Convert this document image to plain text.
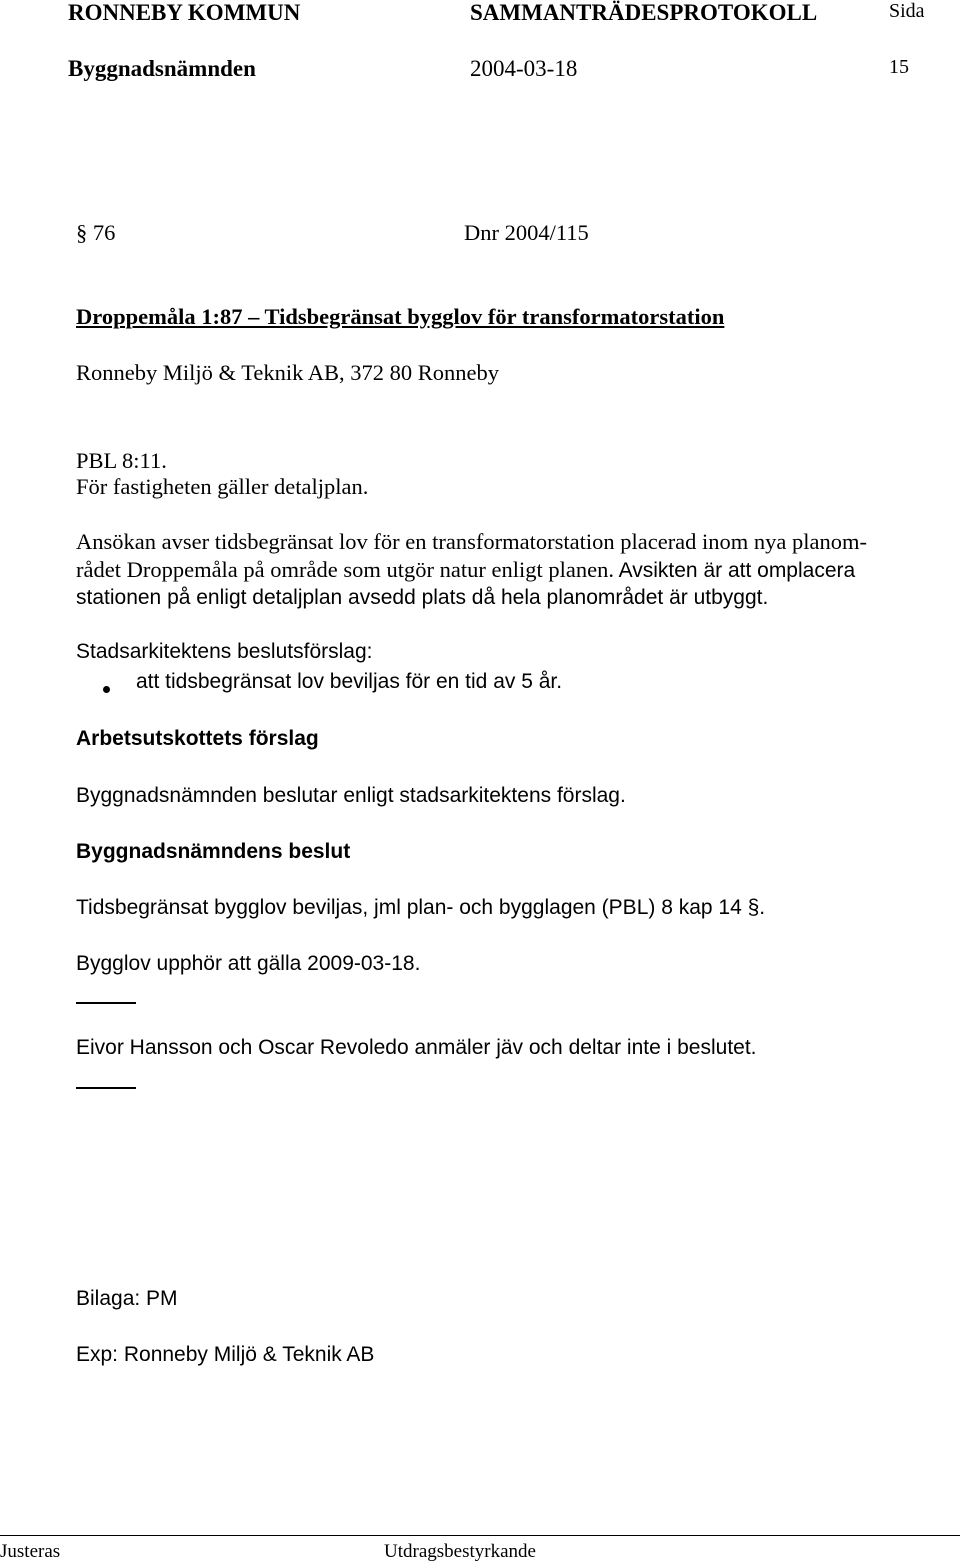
RONNEBY KOMMUN	SAMMANTRÄDESPROTOKOLL	Sida
Byggnadsnämnden	2004-03-18	15
§ 76	Dnr 2004/115
Droppemåla 1:87 – Tidsbegränsat bygglov för transformatorstation
Ronneby Miljö & Teknik AB, 372 80 Ronneby
PBL 8:11.
För fastigheten gäller detaljplan.
Ansökan avser tidsbegränsat lov för en transformatorstation placerad inom nya planom-
rådet Droppemåla på område som utgör natur enligt planen. Avsikten är att omplacera
stationen på enligt detaljplan avsedd plats då hela planområdet är utbyggt.
Stadsarkitektens beslutsförslag:
att tidsbegränsat lov beviljas för en tid av 5 år.
Arbetsutskottets förslag
Byggnadsnämnden beslutar enligt stadsarkitektens förslag.
Byggnadsnämndens beslut
Tidsbegränsat bygglov beviljas, jml plan- och bygglagen (PBL) 8 kap 14 §.
Bygglov upphör att gälla 2009-03-18.
Eivor Hansson och Oscar Revoledo anmäler jäv och deltar inte i beslutet.
Bilaga: PM
Exp: Ronneby Miljö & Teknik AB
Justeras	Utdragsbestyrkande
